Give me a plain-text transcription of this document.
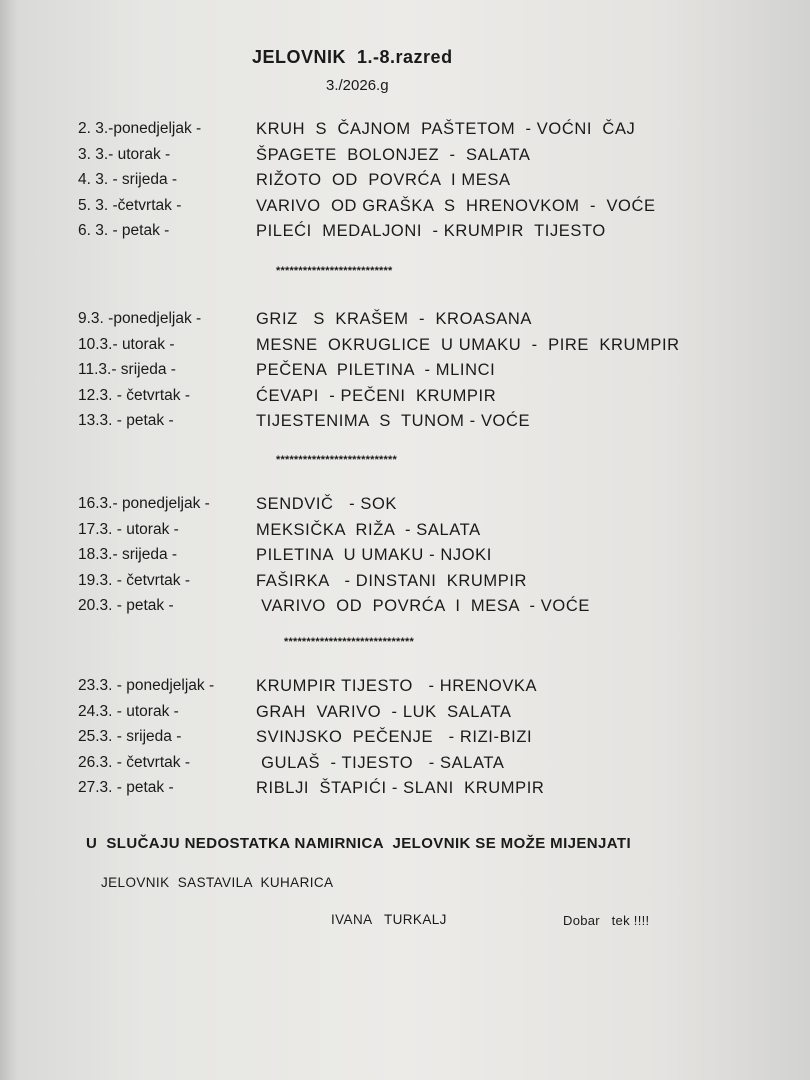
JELOVNIK  1.-8.razred
3./2026.g

2. 3.-ponedjeljak -

	KRUH  S  ČAJNOM  PAŠTETOM  - VOĆNI  ČAJ

3. 3.- utorak -

	ŠPAGETE  BOLONJEZ  -  SALATA

4. 3. - srijeda -

	RIŽOTO  OD  POVRĆA  I MESA

5. 3. -četvrtak -

	VARIVO  OD GRAŠKA  S  HRENOVKOM  -  VOĆE

6. 3. - petak -

	PILEĆI  MEDALJONI  - KRUMPIR  TIJESTO

**************************

9.3. -ponedjeljak -

	GRIZ   S  KRAŠEM  -  KROASANA

10.3.- utorak -

	MESNE  OKRUGLICE  U UMAKU  -  PIRE  KRUMPIR

11.3.- srijeda -

	PEČENA  PILETINA  - MLINCI

12.3. - četvrtak -

	ĆEVAPI  - PEČENI  KRUMPIR

13.3. - petak -

	TIJESTENIMA  S  TUNOM - VOĆE

***************************

16.3.- ponedjeljak -

	SENDVIČ   - SOK

17.3. - utorak -

	MEKSIČKA  RIŽA  - SALATA

18.3.- srijeda -

	PILETINA  U UMAKU - NJOKI

19.3. - četvrtak -

	FAŠIRKA   - DINSTANI  KRUMPIR

20.3. - petak -

	VARIVO  OD  POVRĆA  I  MESA  - VOĆE

*****************************

23.3. - ponedjeljak -

	KRUMPIR TIJESTO   - HRENOVKA

24.3. - utorak -

	GRAH  VARIVO  - LUK  SALATA

25.3. - srijeda -

	SVINJSKO  PEČENJE   - RIZI-BIZI

26.3. - četvrtak -

	GULAŠ  - TIJESTO   - SALATA

27.3. - petak -

	RIBLJI  ŠTAPIĆI - SLANI  KRUMPIR

U  SLUČAJU NEDOSTATKA NAMIRNICA  JELOVNIK SE MOŽE MIJENJATI
JELOVNIK  SASTAVILA  KUHARICA
IVANA   TURKALJ	Dobar   tek !!!!
